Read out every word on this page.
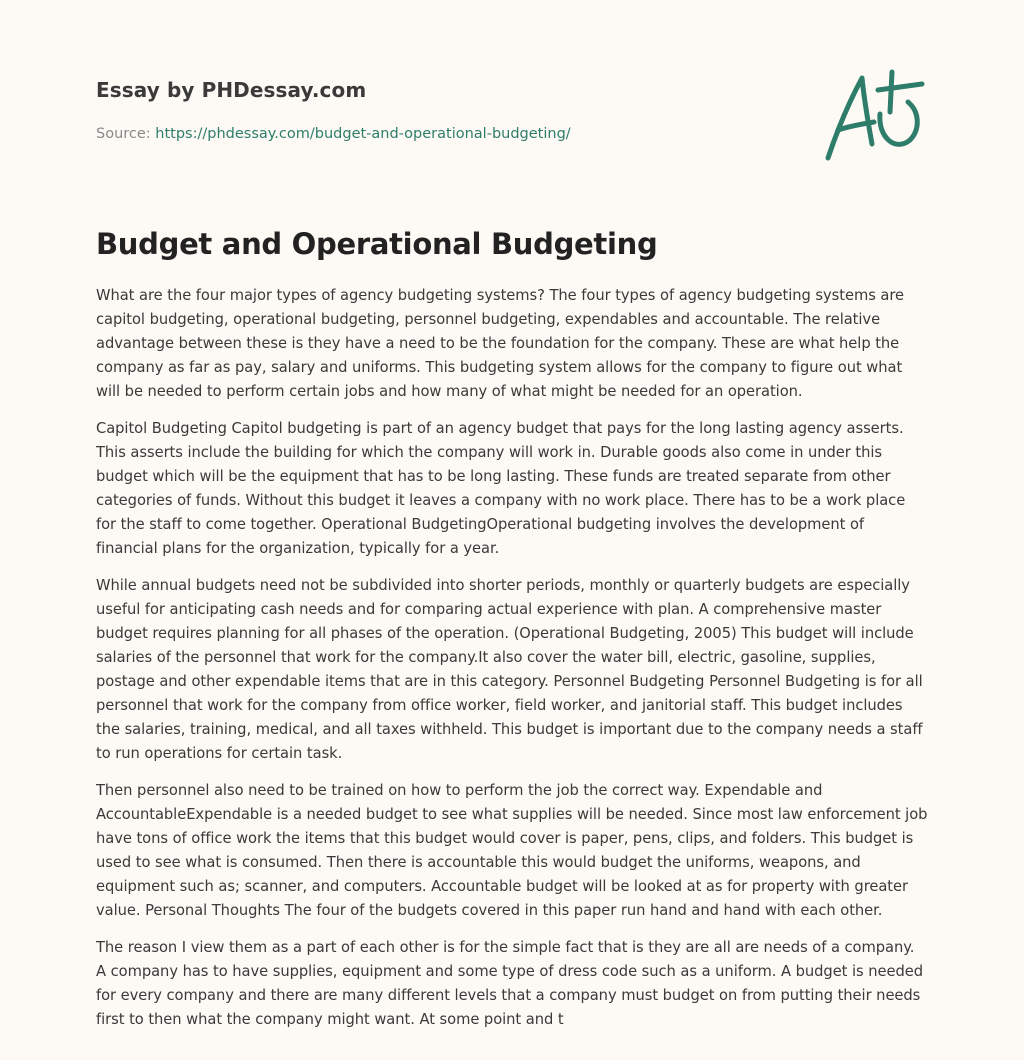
Essay by PHDessay.com
Source: https://phdessay.com/budget-and-operational-budgeting/
Budget and Operational Budgeting

What are the four major types of agency budgeting systems? The four types of agency budgeting systems are capitol budgeting, operational budgeting, personnel budgeting, expendables and accountable. The relative advantage between these is they have a need to be the foundation for the company. These are what help the company as far as pay, salary and uniforms. This budgeting system allows for the company to figure out what will be needed to perform certain jobs and how many of what might be needed for an operation.

Capitol Budgeting Capitol budgeting is part of an agency budget that pays for the long lasting agency asserts. This asserts include the building for which the company will work in. Durable goods also come in under this budget which will be the equipment that has to be long lasting. These funds are treated separate from other categories of funds. Without this budget it leaves a company with no work place. There has to be a work place for the staff to come together. Operational BudgetingOperational budgeting involves the development of financial plans for the organization, typically for a year.

While annual budgets need not be subdivided into shorter periods, monthly or quarterly budgets are especially useful for anticipating cash needs and for comparing actual experience with plan. A comprehensive master budget requires planning for all phases of the operation. (Operational Budgeting, 2005) This budget will include salaries of the personnel that work for the company.It also cover the water bill, electric, gasoline, supplies, postage and other expendable items that are in this category. Personnel Budgeting Personnel Budgeting is for all personnel that work for the company from office worker, field worker, and janitorial staff. This budget includes the salaries, training, medical, and all taxes withheld. This budget is important due to the company needs a staff to run operations for certain task.

Then personnel also need to be trained on how to perform the job the correct way. Expendable and AccountableExpendable is a needed budget to see what supplies will be needed. Since most law enforcement job have tons of office work the items that this budget would cover is paper, pens, clips, and folders. This budget is used to see what is consumed. Then there is accountable this would budget the uniforms, weapons, and equipment such as; scanner, and computers. Accountable budget will be looked at as for property with greater value. Personal Thoughts The four of the budgets covered in this paper run hand and hand with each other.

The reason I view them as a part of each other is for the simple fact that is they are all are needs of a company. A company has to have supplies, equipment and some type of dress code such as a uniform. A budget is needed for every company and there are many different levels that a company must budget on from putting their needs first to then what the company might want. At some point and t
